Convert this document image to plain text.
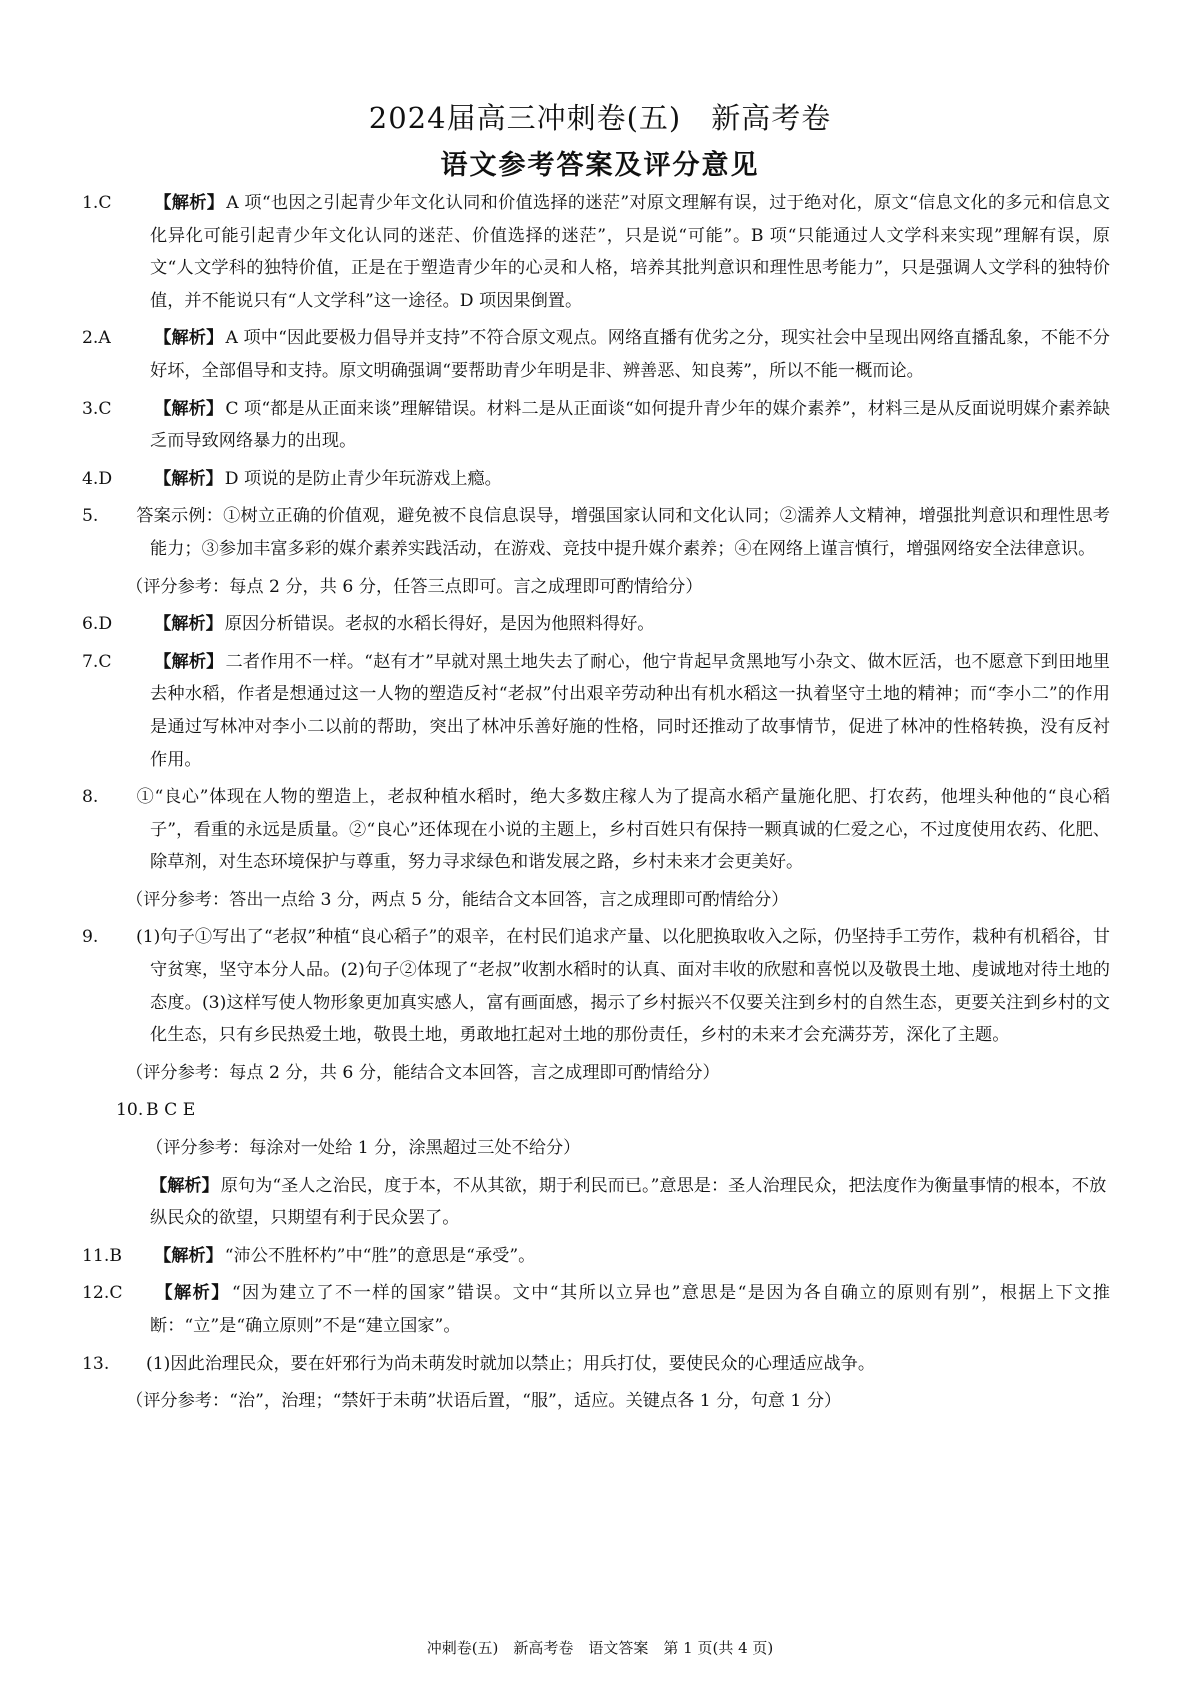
2024届高三冲刺卷(五)　新高考卷
语文参考答案及评分意见
1.C 【解析】 A 项“也因之引起青少年文化认同和价值选择的迷茫”对原文理解有误，过于绝对化，原文“信息文化的多元和信息文化异化可能引起青少年文化认同的迷茫、价值选择的迷茫”，只是说“可能”。B 项“只能通过人文学科来实现”理解有误，原文“人文学科的独特价值，正是在于塑造青少年的心灵和人格，培养其批判意识和理性思考能力”，只是强调人文学科的独特价值，并不能说只有“人文学科”这一途径。D 项因果倒置。
2.A	【解析】 A 项中“因此要极力倡导并支持”不符合原文观点。网络直播有优劣之分，现实社会中呈现出网络直播乱象，不能不分好坏，全部倡导和支持。原文明确强调“要帮助青少年明是非、辨善恶、知良莠”，所以不能一概而论。
3.C 【解析】 C 项“都是从正面来谈”理解错误。材料二是从正面谈“如何提升青少年的媒介素养”，材料三是从反面说明媒介素养缺乏而导致网络暴力的出现。
4.D 【解析】 D 项说的是防止青少年玩游戏上瘾。
5. 答案示例：①树立正确的价值观，避免被不良信息误导，增强国家认同和文化认同；②濡养人文精神，增强批判意识和理性思考能力；③参加丰富多彩的媒介素养实践活动，在游戏、竞技中提升媒介素养；④在网络上谨言慎行，增强网络安全法律意识。
（评分参考：每点 2 分，共 6 分，任答三点即可。言之成理即可酌情给分）
6.D 【解析】 原因分析错误。老叔的水稻长得好，是因为他照料得好。
7.C 【解析】 二者作用不一样。“赵有才”早就对黑土地失去了耐心，他宁肯起早贪黑地写小杂文、做木匠活，也不愿意下到田地里去种水稻，作者是想通过这一人物的塑造反衬“老叔”付出艰辛劳动种出有机水稻这一执着坚守土地的精神；而“李小二”的作用是通过写林冲对李小二以前的帮助，突出了林冲乐善好施的性格，同时还推动了故事情节，促进了林冲的性格转换，没有反衬作用。
8. ①“良心”体现在人物的塑造上，老叔种植水稻时，绝大多数庄稼人为了提高水稻产量施化肥、打农药，他埋头种他的“良心稻子”，看重的永远是质量。②“良心”还体现在小说的主题上，乡村百姓只有保持一颗真诚的仁爱之心，不过度使用农药、化肥、除草剂，对生态环境保护与尊重，努力寻求绿色和谐发展之路，乡村未来才会更美好。
（评分参考：答出一点给 3 分，两点 5 分，能结合文本回答，言之成理即可酌情给分）
9. (1)句子①写出了“老叔”种植“良心稻子”的艰辛，在村民们追求产量、以化肥换取收入之际，仍坚持手工劳作，栽种有机稻谷，甘守贫寒，坚守本分人品。(2)句子②体现了“老叔”收割水稻时的认真、面对丰收的欣慰和喜悦以及敬畏土地、虔诚地对待土地的态度。(3)这样写使人物形象更加真实感人，富有画面感，揭示了乡村振兴不仅要关注到乡村的自然生态，更要关注到乡村的文化生态，只有乡民热爱土地，敬畏土地，勇敢地扛起对土地的那份责任，乡村的未来才会充满芬芳，深化了主题。
（评分参考：每点 2 分，共 6 分，能结合文本回答，言之成理即可酌情给分）
10. B C E
（评分参考：每涂对一处给 1 分，涂黑超过三处不给分）
【解析】 原句为“圣人之治民，度于本，不从其欲，期于利民而已。”意思是：圣人治理民众，把法度作为衡量事情的根本，不放纵民众的欲望，只期望有利于民众罢了。
11.B 【解析】 “沛公不胜杯杓”中“胜”的意思是“承受”。
12.C 【解析】 “因为建立了不一样的国家”错误。文中“其所以立异也”意思是“是因为各自确立的原则有别”，根据上下文推断：“立”是“确立原则”不是“建立国家”。
13. (1)因此治理民众，要在奸邪行为尚未萌发时就加以禁止；用兵打仗，要使民众的心理适应战争。
（评分参考：“治”，治理；“禁奸于未萌”状语后置，“服”，适应。关键点各 1 分，句意 1 分）
冲刺卷(五)　新高考卷　语文答案　第 1 页(共 4 页)
